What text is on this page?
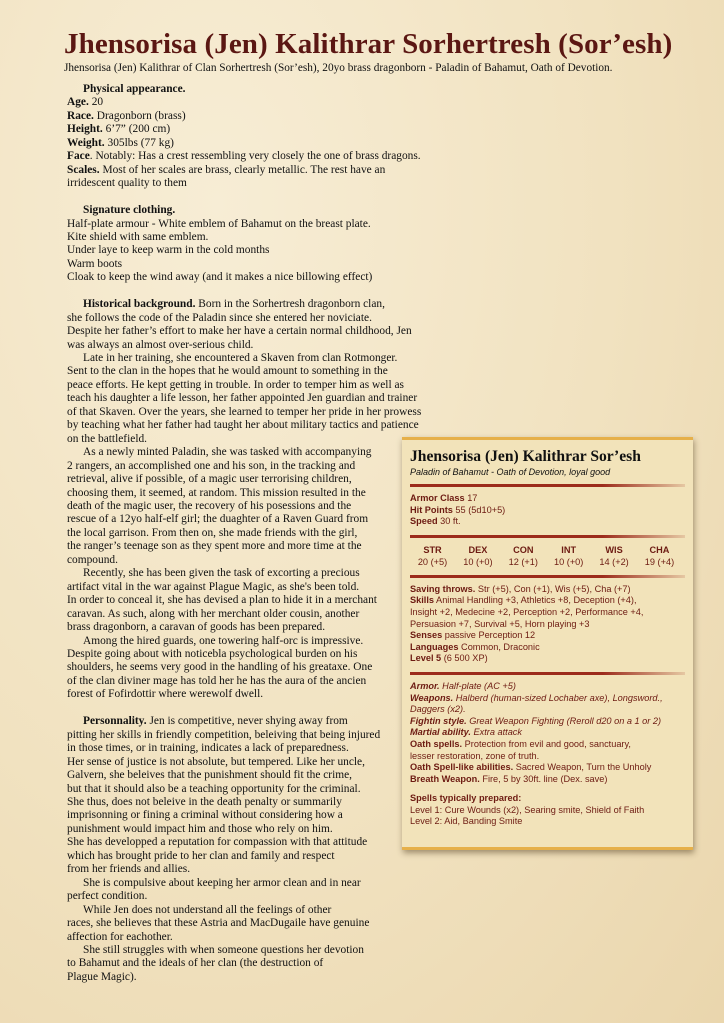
Jhensorisa (Jen) Kalithrar Sorhertresh (Sor’esh)
Jhensorisa (Jen) Kalithrar of Clan Sorhertresh (Sor’esh), 20yo brass dragonborn - Paladin of Bahamut, Oath of Devotion.

Physical appearance.

Age. 20

Race. Dragonborn (brass)

Height. 6’7” (200 cm)

Weight. 305lbs (77 kg)

Face. Notably: Has a crest ressembling very closely the one of brass dragons.

Scales. Most of her scales are brass, clearly metallic. The rest have an

irridescent quality to them

Signature clothing.

Half-plate armour - White emblem of Bahamut on the breast plate.

Kite shield with same emblem.

Under laye to keep warm in the cold months

Warm boots

Cloak to keep the wind away (and it makes a nice billowing effect)

Historical background. Born in the Sorhertresh dragonborn clan,

she follows the code of the Paladin since she entered her noviciate.

Despite her father’s effort to make her have a certain normal childhood, Jen

was always an almost over-serious child.

Late in her training, she encountered a Skaven from clan Rotmonger.

Sent to the clan in the hopes that he would amount to something in the

peace efforts. He kept getting in trouble. In order to temper him as well as

teach his daughter a life lesson, her father appointed Jen guardian and trainer

of that Skaven. Over the years, she learned to temper her pride in her prowess

by teaching what her father had taught her about military tactics and patience

on the battlefield.

As a newly minted Paladin, she was tasked with accompanying

2 rangers, an accomplished one and his son, in the tracking and

retrieval, alive if possible, of a magic user terrorising children,

choosing them, it seemed, at random. This mission resulted in the

death of the magic user, the recovery of his posessions and the

rescue of a 12yo half-elf girl; the duaghter of a Raven Guard from

the local garrison. From then on, she made friends with the girl,

the ranger’s teenage son as they spent more and more time at the

compound.

Recently, she has been given the task of excorting a precious

artifact vital in the war against Plague Magic, as she's been told.

In order to conceal it, she has devised a plan to hide it in a merchant

caravan. As such, along with her merchant older cousin, another

brass dragonborn, a caravan of goods has been prepared.

Among the hired guards, one towering half-orc is impressive.

Despite going about with noticebla psychological burden on his

shoulders, he seems very good in the handling of his greataxe. One

of the clan diviner mage has told her he has the aura of the ancien

forest of Fofirdottir where werewolf dwell.

Personnality. Jen is competitive, never shying away from

pitting her skills in friendly competition, beleiving that being injured

in those times, or in training, indicates a lack of preparedness.

Her sense of justice is not absolute, but tempered. Like her uncle,

Galvern, she beleives that the punishment should fit the crime,

but that it should also be a teaching opportunity for the criminal.

She thus, does not beleive in the death penalty or summarily

imprisonning or fining a criminal without considering how a

punishment would impact him and those who rely on him.

She has developped a reputation for compassion with that attitude

which has brought pride to her clan and family and respect

from her friends and allies.

She is compulsive about keeping her armor clean and in near

perfect condition.

While Jen does not understand all the feelings of other

races, she believes that these Astria and MacDugaile have genuine

affection for eachother.

She still struggles with when someone questions her devotion

to Bahamut and the ideals of her clan (the destruction of

Plague Magic).

Jhensorisa (Jen) Kalithrar Sor’esh
Paladin of Bahamut - Oath of Devotion, loyal good
Armor Class 17
Hit Points 55 (5d10+5)
Speed 30 ft.
STR
20 (+5)
DEX
10 (+0)
CON
12 (+1)
INT
10 (+0)
WIS
14 (+2)
CHA
19 (+4)
Saving throws. Str (+5), Con (+1), Wis (+5), Cha (+7)
Skills Animal Handling +3, Athletics +8, Deception (+4),
Insight +2, Medecine +2, Perception +2, Performance +4,
Persuasion +7, Survival +5, Horn playing +3
Senses passive Perception 12
Languages Common, Draconic
Level 5 (6 500 XP)
Armor. Half-plate (AC +5)
Weapons. Halberd (human-sized Lochaber axe), Longsword.,
Daggers (x2).
Fightin style. Great Weapon Fighting (Reroll d20 on a 1 or 2)
Martial ability. Extra attack
Oath spells. Protection from evil and good, sanctuary,
lesser restoration, zone of truth.
Oath Spell-like abilities. Sacred Weapon, Turn the Unholy
Breath Weapon. Fire, 5 by 30ft. line (Dex. save)
Spells typically prepared:
Level 1: Cure Wounds (x2), Searing smite, Shield of Faith
Level 2: Aid, Banding Smite
